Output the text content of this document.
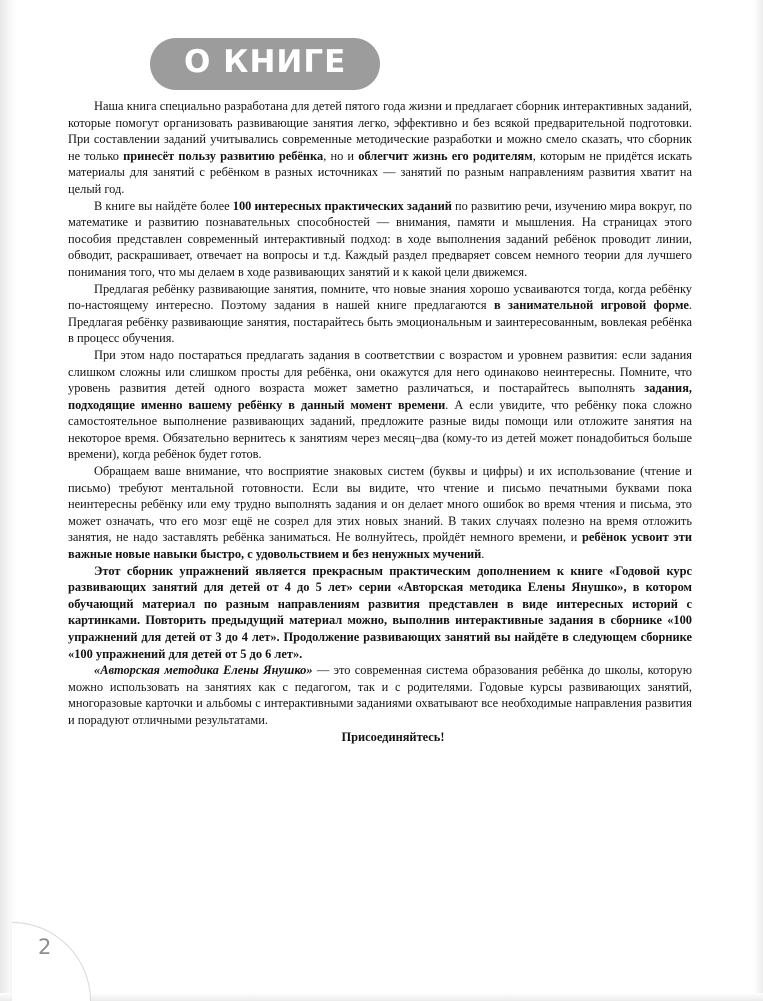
О КНИГЕ

Наша книга специально разработана для детей пятого года жизни и предлагает сборник интерактивных заданий, которые помогут организовать развивающие занятия легко, эффективно и без всякой предварительной подготовки. При составлении заданий учитывались современные методические разработки и можно смело сказать, что сборник не только принесёт пользу развитию ребёнка, но и облегчит жизнь его родителям, которым не придётся искать материалы для занятий с ребёнком в разных источниках — занятий по разным направлениям развития хватит на целый год.

В книге вы найдёте более 100 интересных практических заданий по развитию речи, изучению мира вокруг, по математике и развитию познавательных способностей — внимания, памяти и мышления. На страницах этого пособия представлен современный интерактивный подход: в ходе выполнения заданий ребёнок проводит линии, обводит, раскрашивает, отвечает на вопросы и т.д. Каждый раздел предваряет совсем немного теории для лучшего понимания того, что мы делаем в ходе развивающих занятий и к какой цели движемся.

Предлагая ребёнку развивающие занятия, помните, что новые знания хорошо усваиваются тогда, когда ребёнку по-настоящему интересно. Поэтому задания в нашей книге предлагаются в занимательной игровой форме. Предлагая ребёнку развивающие занятия, постарайтесь быть эмоциональным и заинтересованным, вовлекая ребёнка в процесс обучения.

При этом надо постараться предлагать задания в соответствии с возрастом и уровнем развития: если задания слишком сложны или слишком просты для ребёнка, они окажутся для него одинаково неинтересны. Помните, что уровень развития детей одного возраста может заметно различаться, и постарайтесь выполнять задания, подходящие именно вашему ребёнку в данный момент времени. А если увидите, что ребёнку пока сложно самостоятельное выполнение развивающих заданий, предложите разные виды помощи или отложите занятия на некоторое время. Обязательно вернитесь к занятиям через месяц–два (кому-то из детей может понадобиться больше времени), когда ребёнок будет готов.

Обращаем ваше внимание, что восприятие знаковых систем (буквы и цифры) и их использование (чтение и письмо) требуют ментальной готовности. Если вы видите, что чтение и письмо печатными буквами пока неинтересны ребёнку или ему трудно выполнять задания и он делает много ошибок во время чтения и письма, это может означать, что его мозг ещё не созрел для этих новых знаний. В таких случаях полезно на время отложить занятия, не надо заставлять ребёнка заниматься. Не волнуйтесь, пройдёт немного времени, и ребёнок усвоит эти важные новые навыки быстро, с удовольствием и без ненужных мучений.

Этот сборник упражнений является прекрасным практическим дополнением к книге «Годовой курс развивающих занятий для детей от 4 до 5 лет» серии «Авторская методика Елены Янушко», в котором обучающий материал по разным направлениям развития представлен в виде интересных историй с картинками. Повторить предыдущий материал можно, выполнив интерактивные задания в сборнике «100 упражнений для детей от 3 до 4 лет». Продолжение развивающих занятий вы найдёте в следующем сборнике «100 упражнений для детей от 5 до 6 лет».

«Авторская методика Елены Янушко» — это современная система образования ребёнка до школы, которую можно использовать на занятиях как с педагогом, так и с родителями. Годовые курсы развивающих занятий, многоразовые карточки и альбомы с интерактивными заданиями охватывают все необходимые направления развития и порадуют отличными результатами.

Присоединяйтесь!

2
